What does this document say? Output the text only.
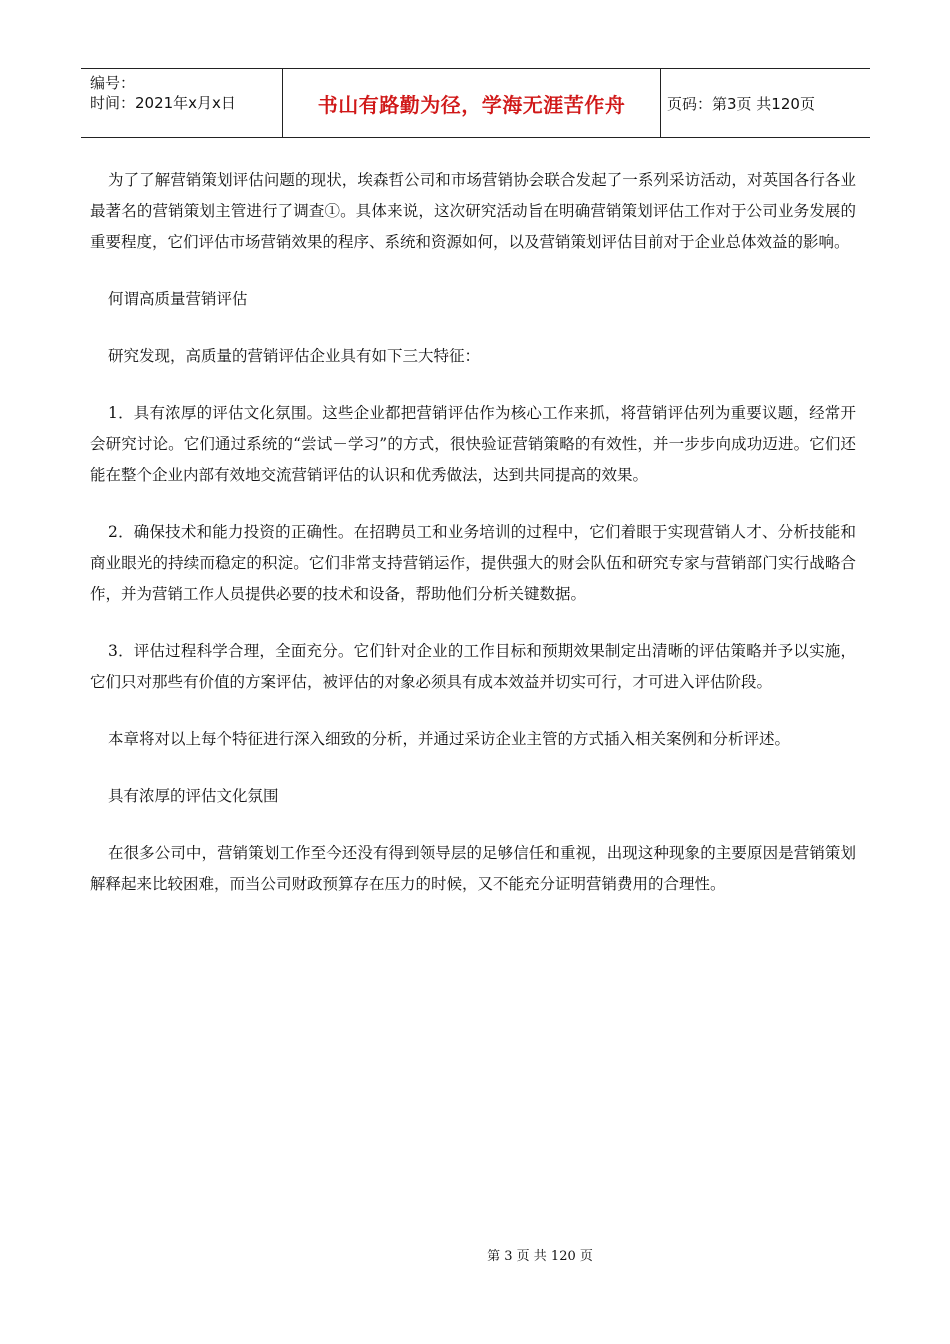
编号：
时间：2021年x月x日	书山有路勤为径，学海无涯苦作舟	页码：第3页 共120页

为了了解营销策划评估问题的现状，埃森哲公司和市场营销协会联合发起了一系列采访活动，对英国各行各业最著名的营销策划主管进行了调查①。具体来说，这次研究活动旨在明确营销策划评估工作对于公司业务发展的重要程度，它们评估市场营销效果的程序、系统和资源如何，以及营销策划评估目前对于企业总体效益的影响。

何谓高质量营销评估

研究发现，高质量的营销评估企业具有如下三大特征：

1．具有浓厚的评估文化氛围。这些企业都把营销评估作为核心工作来抓，将营销评估列为重要议题，经常开会研究讨论。它们通过系统的“尝试－学习”的方式，很快验证营销策略的有效性，并一步步向成功迈进。它们还能在整个企业内部有效地交流营销评估的认识和优秀做法，达到共同提高的效果。

2．确保技术和能力投资的正确性。在招聘员工和业务培训的过程中，它们着眼于实现营销人才、分析技能和商业眼光的持续而稳定的积淀。它们非常支持营销运作，提供强大的财会队伍和研究专家与营销部门实行战略合作，并为营销工作人员提供必要的技术和设备，帮助他们分析关键数据。

3．评估过程科学合理，全面充分。它们针对企业的工作目标和预期效果制定出清晰的评估策略并予以实施，它们只对那些有价值的方案评估，被评估的对象必须具有成本效益并切实可行，才可进入评估阶段。

本章将对以上每个特征进行深入细致的分析，并通过采访企业主管的方式插入相关案例和分析评述。

具有浓厚的评估文化氛围

在很多公司中，营销策划工作至今还没有得到领导层的足够信任和重视，出现这种现象的主要原因是营销策划解释起来比较困难，而当公司财政预算存在压力的时候，又不能充分证明营销费用的合理性。

第 3 页 共 120 页
